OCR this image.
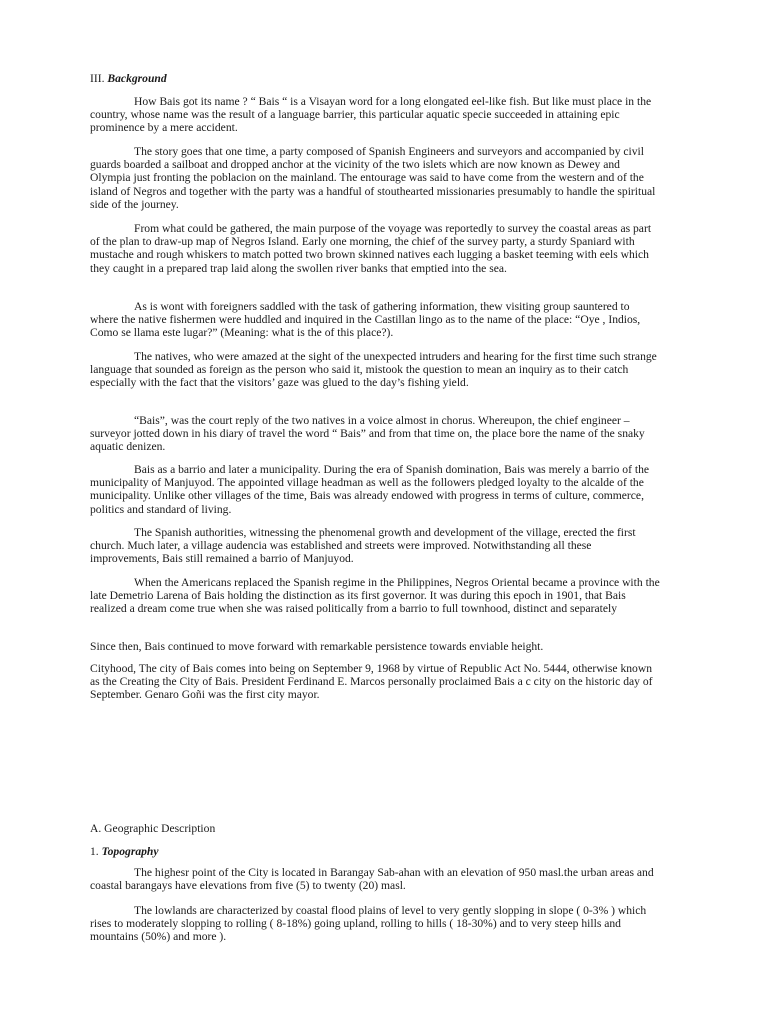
III. Background

How Bais got its name ? “ Bais “ is a Visayan word for a long elongated eel-like fish. But like must place in the country, whose name was the result of a language barrier, this particular aquatic specie succeeded in attaining epic prominence by a mere accident.

The story goes that one time, a party composed of Spanish Engineers and surveyors and accompanied by civil guards boarded a sailboat and dropped anchor at the vicinity of the two islets which are now known as Dewey and Olympia just fronting the poblacion on the mainland. The entourage was said to have come from the western and of the island of Negros and together with the party was a handful of stouthearted missionaries presumably to handle the spiritual side of the journey.

From what could be gathered, the main purpose of the voyage was reportedly to survey the coastal areas as part of the plan to draw-up map of Negros Island. Early one morning, the chief of the survey party, a sturdy Spaniard with mustache and rough whiskers to match potted two brown skinned natives each lugging a basket teeming with eels which they caught in a prepared trap laid along the swollen river banks that emptied into the sea.

As is wont with foreigners saddled with the task of gathering information, thew visiting group sauntered to where the native fishermen were huddled and inquired in the Castillan lingo as to the name of the place: “Oye , Indios, Como se llama este lugar?” (Meaning: what is the of this place?).

The natives, who were amazed at the sight of the unexpected intruders and hearing for the first time such strange language that sounded as foreign as the person who said it, mistook the question to mean an inquiry as to their catch especially with the fact that the visitors’ gaze was glued to the day’s fishing yield.

“Bais”, was the court reply of the two natives in a voice almost in chorus. Whereupon, the chief engineer – surveyor jotted down in his diary of travel the word “ Bais” and from that time on, the place bore the name of the snaky aquatic denizen.

Bais as a barrio and later a municipality. During the era of Spanish domination, Bais was merely a barrio of the municipality of Manjuyod. The appointed village headman as well as the followers pledged loyalty to the alcalde of the municipality. Unlike other villages of the time, Bais was already endowed with progress in terms of culture, commerce, politics and standard of living.

The Spanish authorities, witnessing the phenomenal growth and development of the village, erected the first church. Much later, a village audencia was established and streets were improved. Notwithstanding all these improvements, Bais still remained a barrio of Manjuyod.

When the Americans replaced the Spanish regime in the Philippines, Negros Oriental became a province with the late Demetrio Larena of Bais holding the distinction as its first governor. It was during this epoch in 1901, that Bais realized a dream come true when she was raised politically from a barrio to full townhood, distinct and separately

Since then, Bais continued to move forward with remarkable persistence towards enviable height.

Cityhood, The city of Bais comes into being on September 9, 1968 by virtue of Republic Act No. 5444, otherwise known as the Creating the City of Bais. President Ferdinand E. Marcos personally proclaimed Bais a c city on the historic day of September. Genaro Goñi was the first city mayor.

A. Geographic Description

1. Topography

The highesr point of the City is located in Barangay Sab-ahan with an elevation of 950 masl.the urban areas and coastal barangays have elevations from five (5) to twenty (20) masl.

The lowlands are characterized by coastal flood plains of level to very gently slopping in slope ( 0-3% ) which rises to moderately slopping to rolling ( 8-18%) going upland, rolling to hills ( 18-30%) and to very steep hills and mountains (50%) and more ).
